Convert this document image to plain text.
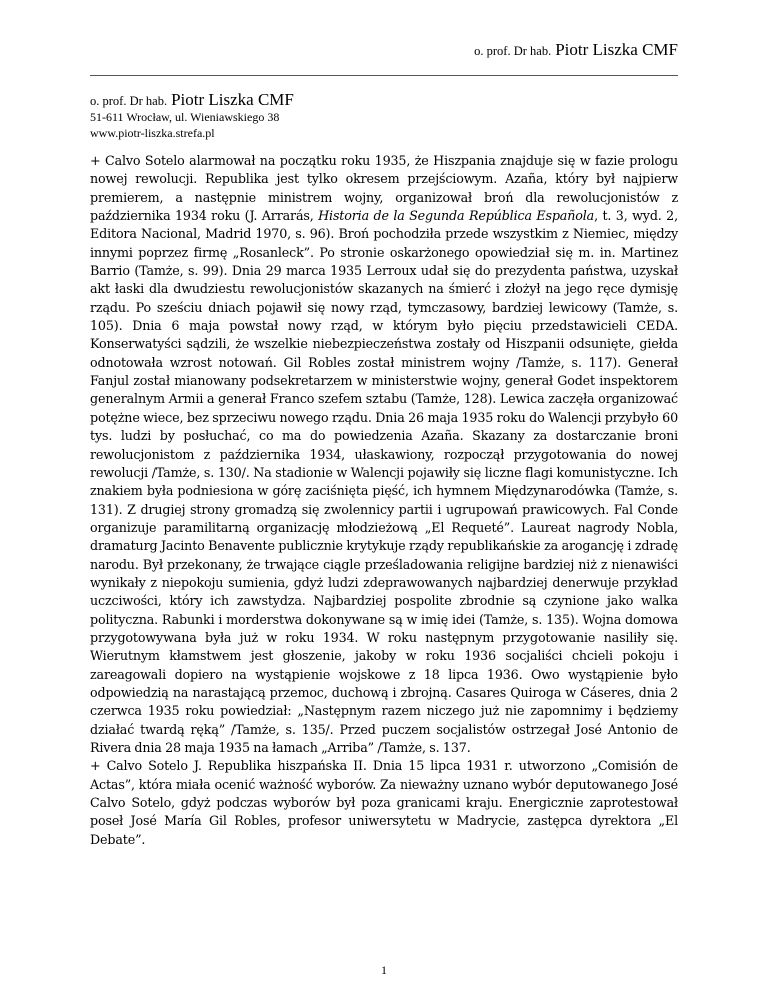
o. prof. Dr hab. Piotr Liszka CMF
o. prof. Dr hab. Piotr Liszka CMF
51-611 Wrocław, ul. Wieniawskiego 38
www.piotr-liszka.strefa.pl

+ Calvo Sotelo alarmował na początku roku 1935, że Hiszpania znajduje się w fazie prologu nowej rewolucji. Republika jest tylko okresem przejściowym. Azaña, który był najpierw premierem, a następnie ministrem wojny, organizował broń dla rewolucjonistów z października 1934 roku (J. Arrarás, Historia de la Segunda República Española, t. 3, wyd. 2, Editora Nacional, Madrid 1970, s. 96). Broń pochodziła przede wszystkim z Niemiec, między innymi poprzez firmę „Rosanleck”. Po stronie oskarżonego opowiedział się m. in. Martinez Barrio (Tamże, s. 99). Dnia 29 marca 1935 Lerroux udał się do prezydenta państwa, uzyskał akt łaski dla dwudziestu rewolucjonistów skazanych na śmierć i złożył na jego ręce dymisję rządu. Po sześciu dniach pojawił się nowy rząd, tymczasowy, bardziej lewicowy (Tamże, s. 105). Dnia 6 maja powstał nowy rząd, w którym było pięciu przedstawicieli CEDA. Konserwatyści sądzili, że wszelkie niebezpieczeństwa zostały od Hiszpanii odsunięte, giełda odnotowała wzrost notowań. Gil Robles został ministrem wojny /Tamże, s. 117). Generał Fanjul został mianowany podsekretarzem w ministerstwie wojny, generał Godet inspektorem generalnym Armii a generał Franco szefem sztabu (Tamże, 128). Lewica zaczęła organizować potężne wiece, bez sprzeciwu nowego rządu. Dnia 26 maja 1935 roku do Walencji przybyło 60 tys. ludzi by posłuchać, co ma do powiedzenia Azaña. Skazany za dostarczanie broni rewolucjonistom z października 1934, ułaskawiony, rozpoczął przygotowania do nowej rewolucji /Tamże, s. 130/. Na stadionie w Walencji pojawiły się liczne flagi komunistyczne. Ich znakiem była podniesiona w górę zaciśnięta pięść, ich hymnem Międzynarodówka (Tamże, s. 131). Z drugiej strony gromadzą się zwolennicy partii i ugrupowań prawicowych. Fal Conde organizuje paramilitarną organizację młodzieżową „El Requeté”. Laureat nagrody Nobla, dramaturg Jacinto Benavente publicznie krytykuje rządy republikańskie za arogancję i zdradę narodu. Był przekonany, że trwające ciągle prześladowania religijne bardziej niż z nienawiści wynikały z niepokoju sumienia, gdyż ludzi zdeprawowanych najbardziej denerwuje przykład uczciwości, który ich zawstydza. Najbardziej pospolite zbrodnie są czynione jako walka polityczna. Rabunki i morderstwa dokonywane są w imię idei (Tamże, s. 135). Wojna domowa przygotowywana była już w roku 1934. W roku następnym przygotowanie nasiliły się. Wierutnym kłamstwem jest głoszenie, jakoby w roku 1936 socjaliści chcieli pokoju i zareagowali dopiero na wystąpienie wojskowe z 18 lipca 1936. Owo wystąpienie było odpowiedzią na narastającą przemoc, duchową i zbrojną. Casares Quiroga w Cáseres, dnia 2 czerwca 1935 roku powiedział: „Następnym razem niczego już nie zapomnimy i będziemy działać twardą ręką” /Tamże, s. 135/. Przed puczem socjalistów ostrzegał José Antonio de Rivera dnia 28 maja 1935 na łamach „Arriba” /Tamże, s. 137.

+ Calvo Sotelo J. Republika hiszpańska II. Dnia 15 lipca 1931 r. utworzono „Comisión de Actas”, która miała ocenić ważność wyborów. Za nieważny uznano wybór deputowanego José Calvo Sotelo, gdyż podczas wyborów był poza granicami kraju. Energicznie zaprotestował poseł José María Gil Robles, profesor uniwersytetu w Madrycie, zastępca dyrektora „El Debate”.

1
